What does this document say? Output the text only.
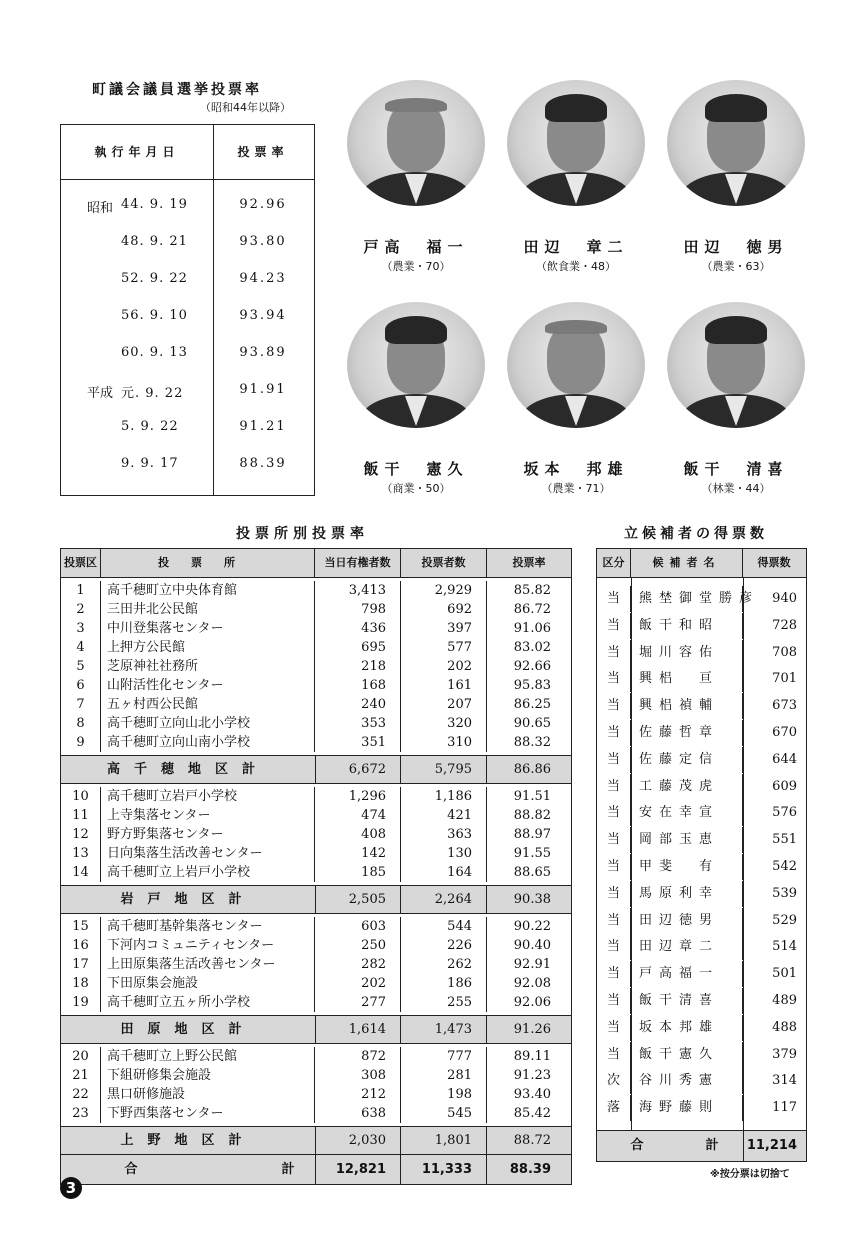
町議会議員選挙投票率
（昭和44年以降）
執行年月日	投票率
昭和 44. 9. 19	92.96
48. 9. 21	93.80
52. 9. 22	94.23
56. 9. 10	93.94
60. 9. 13	93.89
平成 元. 9. 22	91.91
5. 9. 22	91.21
9. 9. 17	88.39
戸高　福一
（農業・70）
田辺　章二
（飲食業・48）
田辺　徳男
（農業・63）
飯干　憲久
（商業・50）
坂本　邦雄
（農業・71）
飯干　清喜
（林業・44）
投票所別投票率
投票区	投票所	当日有権者数	投票者数	投票率
1	高千穂町立中央体育館	3,413	2,929	85.82
2	三田井北公民館	798	692	86.72
3	中川登集落センター	436	397	91.06
4	上押方公民館	695	577	83.02
5	芝原神社社務所	218	202	92.66
6	山附活性化センター	168	161	95.83
7	五ヶ村西公民館	240	207	86.25
8	高千穂町立向山北小学校	353	320	90.65
9	高千穂町立向山南小学校	351	310	88.32
高千穂地区計	6,672	5,795	86.86
10	高千穂町立岩戸小学校	1,296	1,186	91.51
11	上寺集落センター	474	421	88.82
12	野方野集落センター	408	363	88.97
13	日向集落生活改善センター	142	130	91.55
14	高千穂町立上岩戸小学校	185	164	88.65
岩戸地区計	2,505	2,264	90.38
15	高千穂町基幹集落センター	603	544	90.22
16	下河内コミュニティセンター	250	226	90.40
17	上田原集落生活改善センター	282	262	92.91
18	下田原集会施設	202	186	92.08
19	高千穂町立五ヶ所小学校	277	255	92.06
田原地区計	1,614	1,473	91.26
20	高千穂町立上野公民館	872	777	89.11
21	下組研修集会施設	308	281	91.23
22	黒口研修施設	212	198	93.40
23	下野西集落センター	638	545	85.42
上野地区計	2,030	1,801	88.72
合	計	12,821	11,333	88.39
立候補者の得票数
区分	候補者名	得票数
当	熊埜御堂勝彦	940
当	飯干和昭	728
当	堀川容佑	708
当	興梠　亘	701
当	興梠禎輔	673
当	佐藤哲章	670
当	佐藤定信	644
当	工藤茂虎	609
当	安在幸宣	576
当	岡部玉恵	551
当	甲斐　有	542
当	馬原利幸	539
当	田辺徳男	529
当	田辺章二	514
当	戸高福一	501
当	飯干清喜	489
当	坂本邦雄	488
当	飯干憲久	379
次	谷川秀憲	314
落	海野藤則	117
合	計	11,214
※按分票は切捨て
3
